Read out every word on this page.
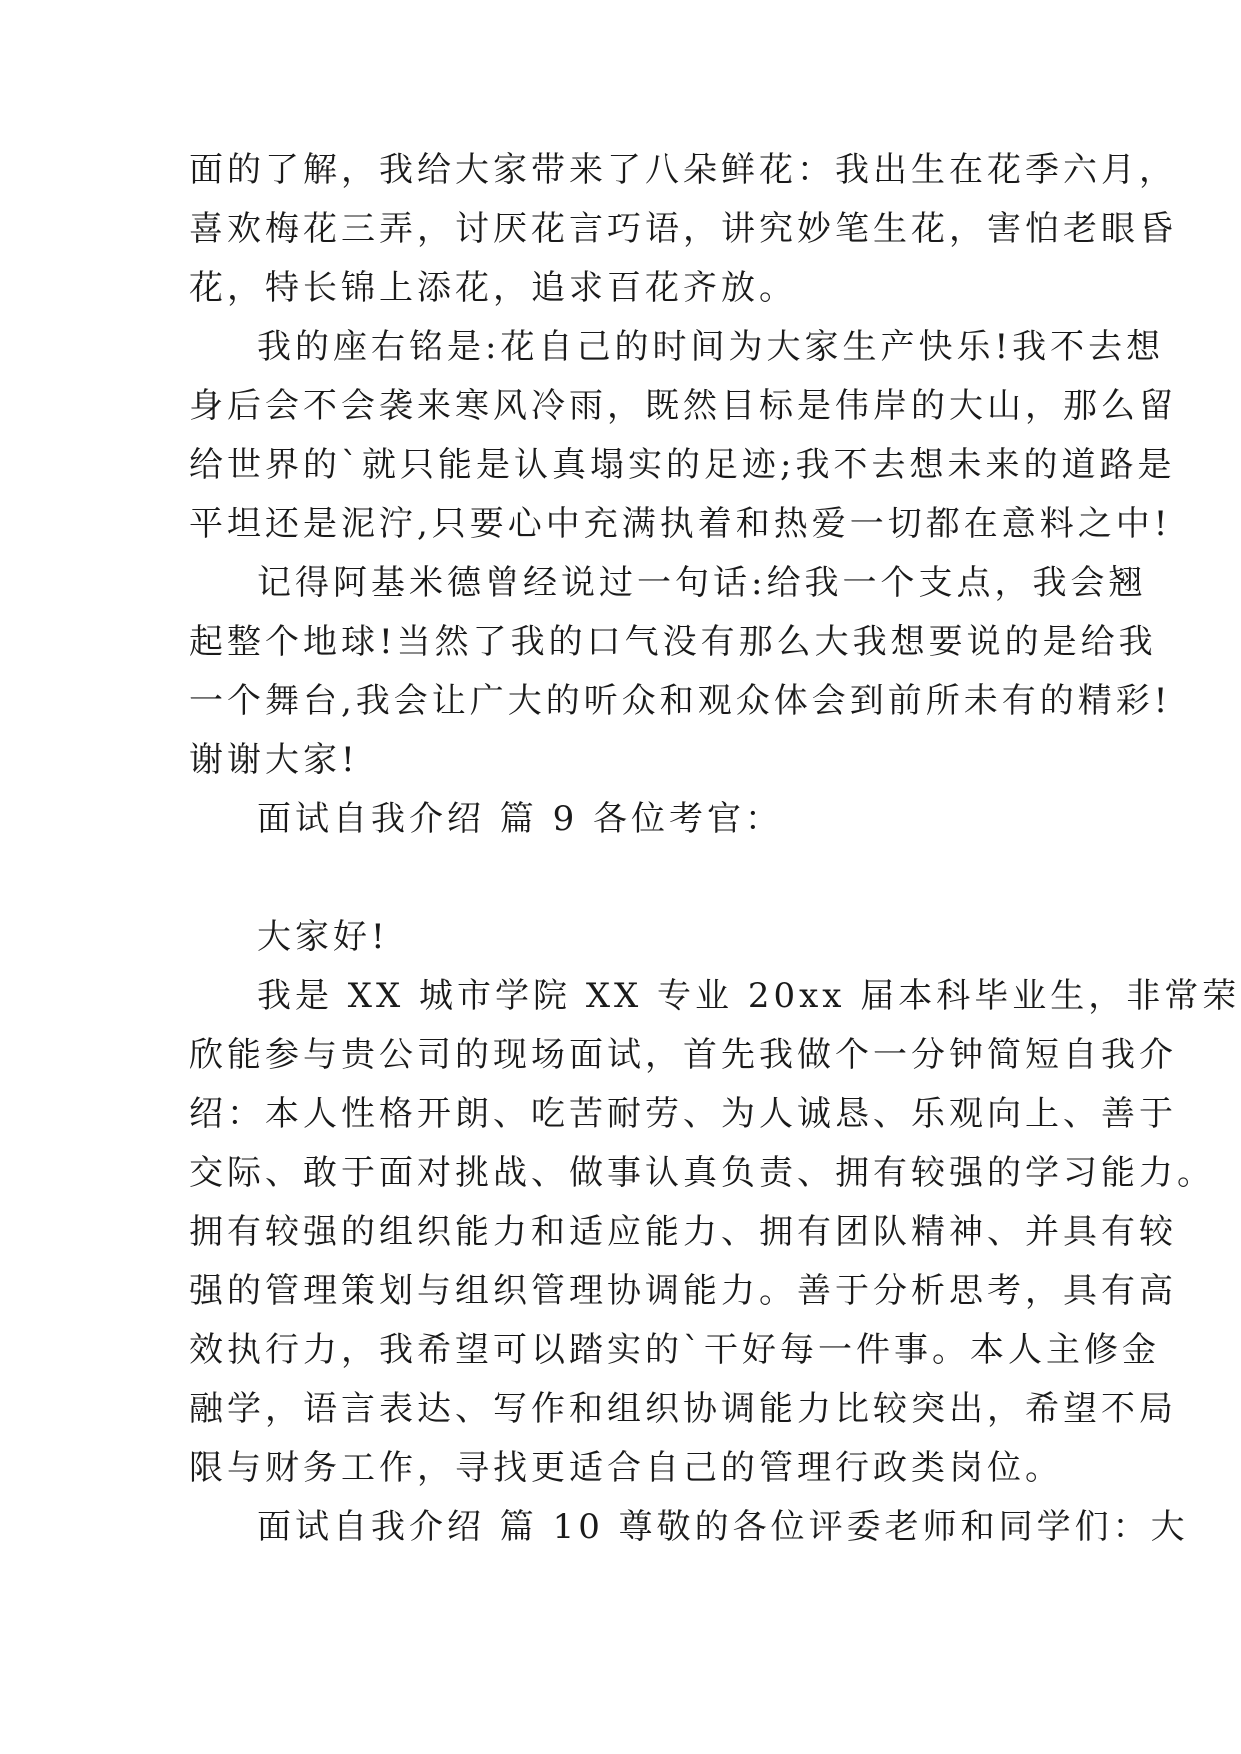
面的了解，我给大家带来了八朵鲜花：我出生在花季六月，
喜欢梅花三弄，讨厌花言巧语，讲究妙笔生花，害怕老眼昏
花，特长锦上添花，追求百花齐放。
我的座右铭是:花自己的时间为大家生产快乐!我不去想
身后会不会袭来寒风冷雨，既然目标是伟岸的大山，那么留
给世界的`就只能是认真塌实的足迹;我不去想未来的道路是
平坦还是泥泞,只要心中充满执着和热爱一切都在意料之中!
记得阿基米德曾经说过一句话:给我一个支点，我会翘
起整个地球!当然了我的口气没有那么大我想要说的是给我
一个舞台,我会让广大的听众和观众体会到前所未有的精彩!
谢谢大家!
面试自我介绍 篇 9 各位考官：
大家好!
我是 XX 城市学院 XX 专业 20xx 届本科毕业生，非常荣
欣能参与贵公司的现场面试，首先我做个一分钟简短自我介
绍：本人性格开朗、吃苦耐劳、为人诚恳、乐观向上、善于
交际、敢于面对挑战、做事认真负责、拥有较强的学习能力。
拥有较强的组织能力和适应能力、拥有团队精神、并具有较
强的管理策划与组织管理协调能力。善于分析思考，具有高
效执行力，我希望可以踏实的`干好每一件事。本人主修金
融学，语言表达、写作和组织协调能力比较突出，希望不局
限与财务工作，寻找更适合自己的管理行政类岗位。
面试自我介绍 篇 10 尊敬的各位评委老师和同学们：大
